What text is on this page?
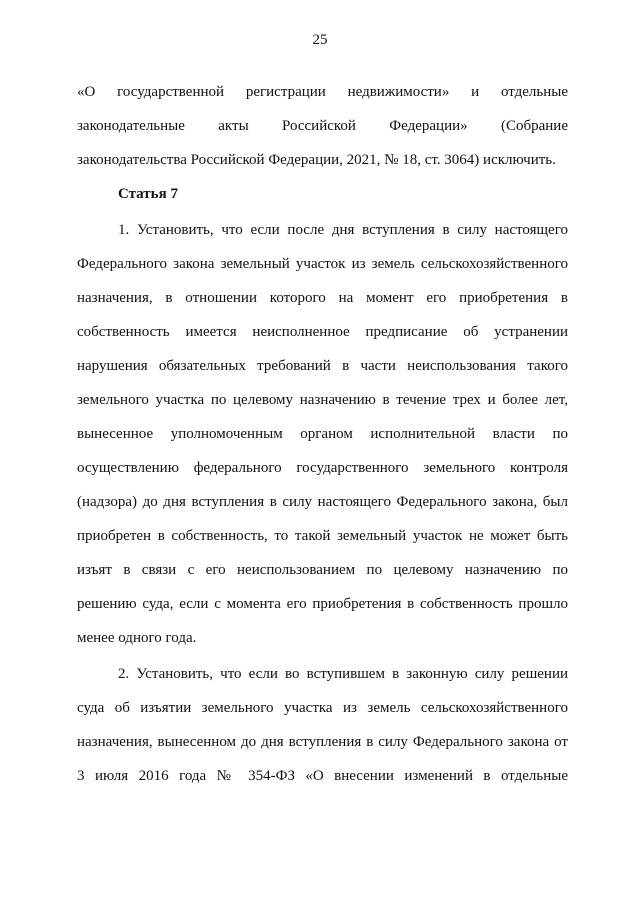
25
«О государственной регистрации недвижимости» и отдельные
законодательные акты Российской Федерации» (Собрание
законодательства Российской Федерации, 2021, № 18, ст. 3064) исключить.
Статья 7
1. Установить, что если после дня вступления в силу настоящего
Федерального закона земельный участок из земель сельскохозяйственного
назначения, в отношении которого на момент его приобретения в
собственность имеется неисполненное предписание об устранении
нарушения обязательных требований в части неиспользования такого
земельного участка по целевому назначению в течение трех и более лет,
вынесенное уполномоченным органом исполнительной власти по
осуществлению федерального государственного земельного контроля
(надзора) до дня вступления в силу настоящего Федерального закона, был
приобретен в собственность, то такой земельный участок не может быть
изъят в связи с его неиспользованием по целевому назначению по
решению суда, если с момента его приобретения в собственность прошло
менее одного года.
2. Установить, что если во вступившем в законную силу решении
суда об изъятии земельного участка из земель сельскохозяйственного
назначения, вынесенном до дня вступления в силу Федерального закона от
3 июля 2016 года № 354-ФЗ «О внесении изменений в отдельные
